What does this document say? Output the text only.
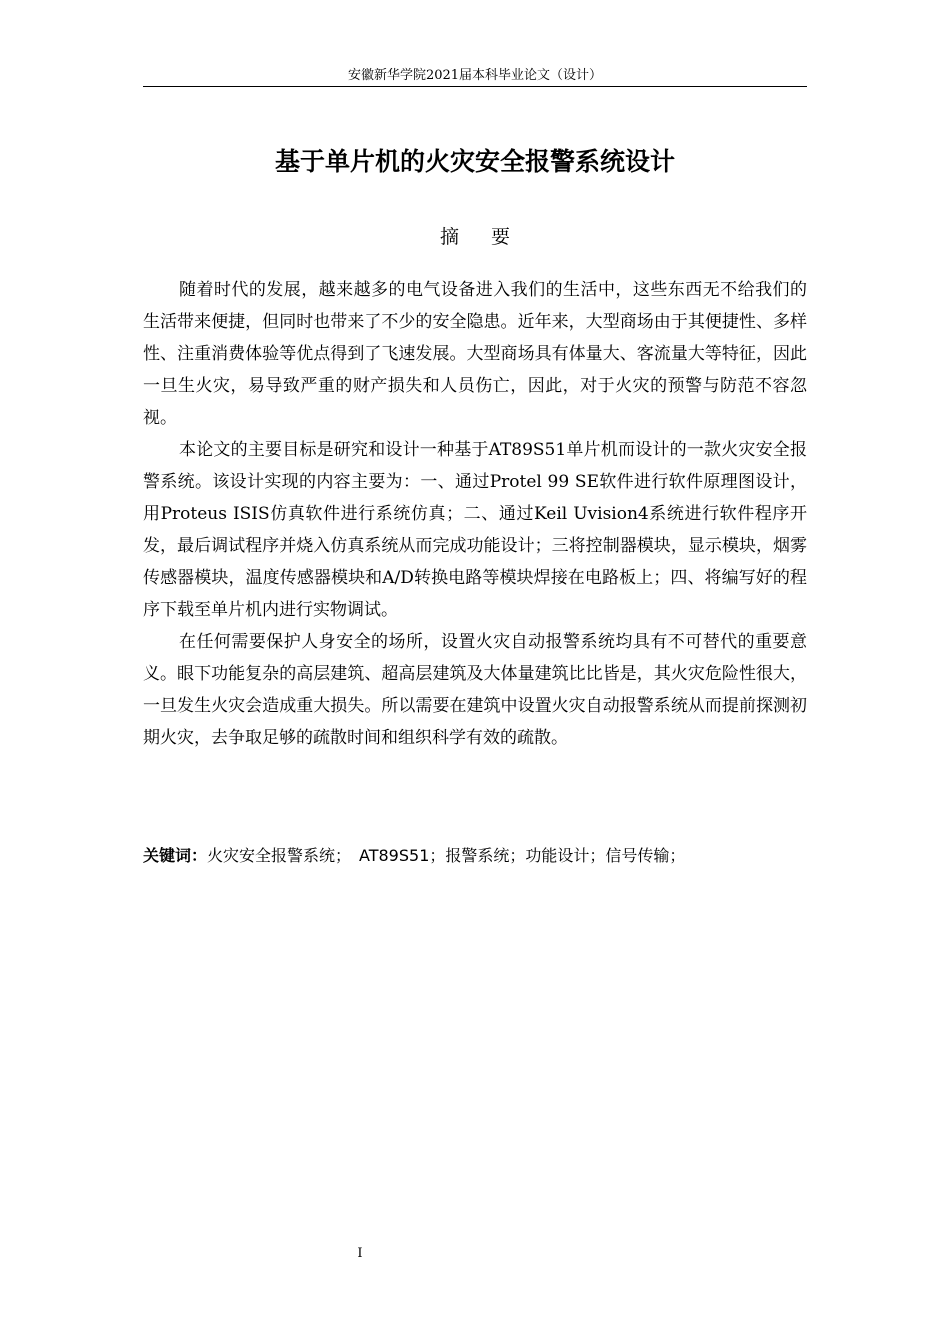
安徽新华学院2021届本科毕业论文（设计）
基于单片机的火灾安全报警系统设计
摘要

随着时代的发展，越来越多的电气设备进入我们的生活中，这些东西无不给我们的生活带来便捷，但同时也带来了不少的安全隐患。近年来，大型商场由于其便捷性、多样性、注重消费体验等优点得到了飞速发展。大型商场具有体量大、客流量大等特征，因此一旦生火灾，易导致严重的财产损失和人员伤亡，因此，对于火灾的预警与防范不容忽视。

本论文的主要目标是研究和设计一种基于AT89S51单片机而设计的一款火灾安全报警系统。该设计实现的内容主要为：一、通过Protel 99 SE软件进行软件原理图设计，用Proteus ISIS仿真软件进行系统仿真；二、通过Keil Uvision4系统进行软件程序开发，最后调试程序并烧入仿真系统从而完成功能设计；三将控制器模块，显示模块，烟雾传感器模块，温度传感器模块和A/D转换电路等模块焊接在电路板上；四、将编写好的程序下载至单片机内进行实物调试。

在任何需要保护人身安全的场所，设置火灾自动报警系统均具有不可替代的重要意义。眼下功能复杂的高层建筑、超高层建筑及大体量建筑比比皆是，其火灾危险性很大，一旦发生火灾会造成重大损失。所以需要在建筑中设置火灾自动报警系统从而提前探测初期火灾，去争取足够的疏散时间和组织科学有效的疏散。

关键词：火灾安全报警系统；　AT89S51；报警系统；功能设计；信号传输；
I
